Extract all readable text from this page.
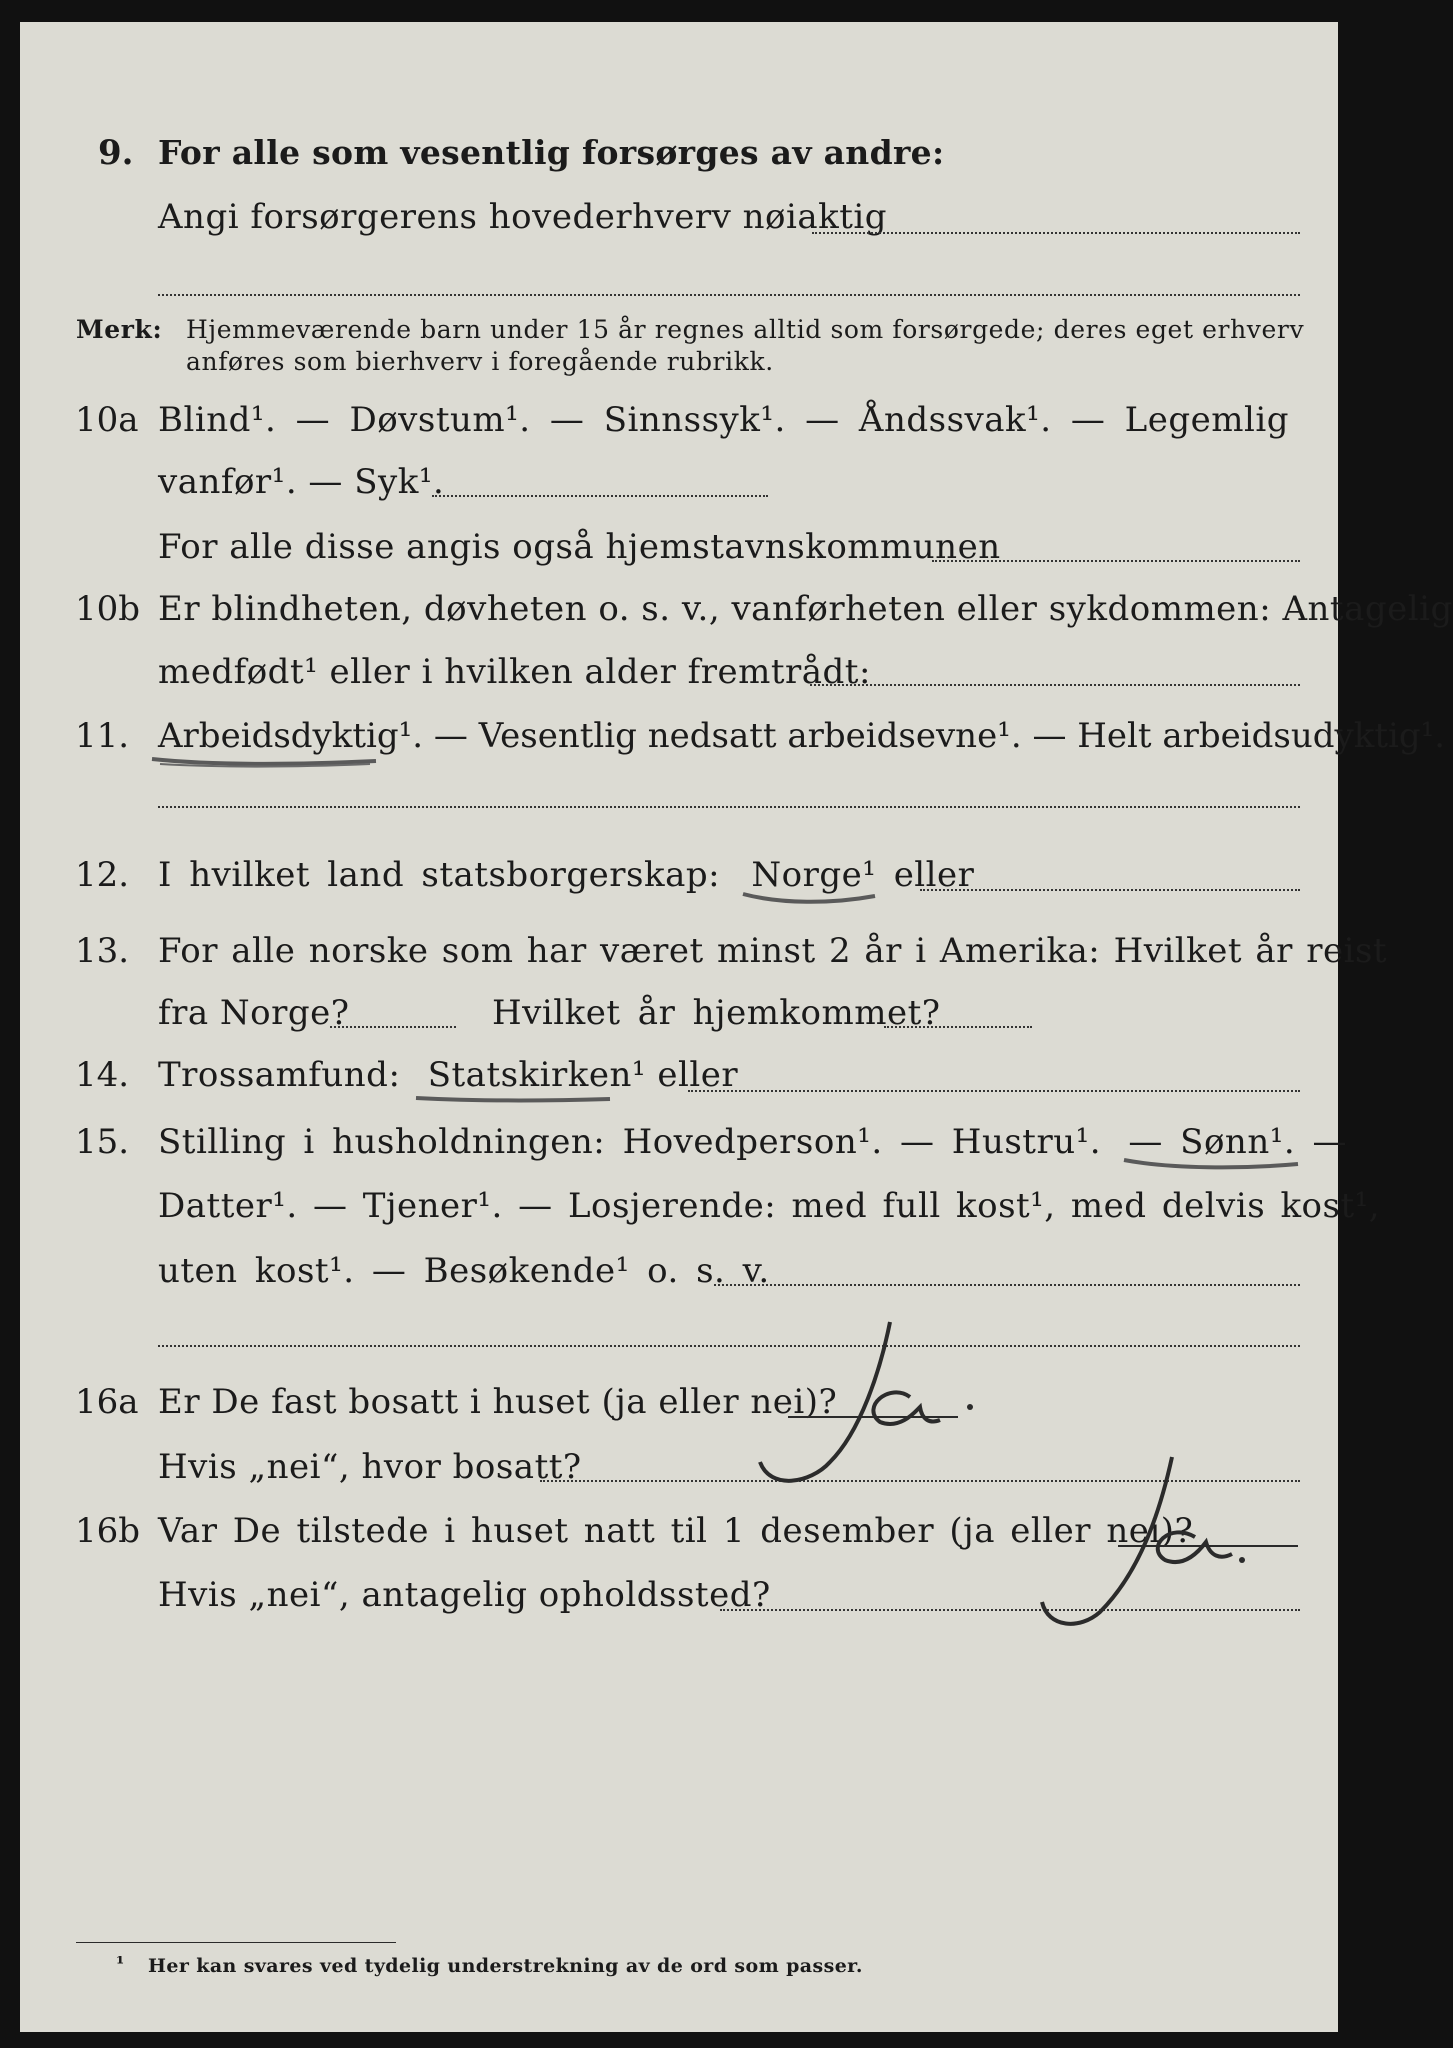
9. For alle som vesentlig forsørges av andre:
Angi forsørgerens hovederhverv nøiaktig
Merk: Hjemmeværende barn under 15 år regnes alltid som forsørgede; deres eget erhverv
anføres som bierhverv i foregående rubrikk.
10a Blind¹. — Døvstum¹. — Sinnssyk¹. — Åndssvak¹. — Legemlig
vanfør¹. — Syk¹.
For alle disse angis også hjemstavnskommunen
10b Er blindheten, døvheten o. s. v., vanførheten eller sykdommen: Antagelig
medfødt¹ eller i hvilken alder fremtrådt:
11. Arbeidsdyktig
¹. — Vesentlig nedsatt arbeidsevne¹. — Helt arbeidsudyktig¹.
12. I hvilket land statsborgerskap: Norge¹ eller
13. For alle norske som har været minst 2 år i Amerika: Hvilket år reist
fra Norge?	Hvilket år hjemkommet?
14. Trossamfund: Statskirken¹ eller
15. Stilling i husholdningen: Hovedperson¹. — Hustru¹. — Sønn¹. —
Datter¹. — Tjener¹. — Losjerende: med full kost¹, med delvis kost¹,
uten kost¹. — Besøkende¹ o. s. v.
16a Er De fast bosatt i huset (ja eller nei)?
Hvis „nei“, hvor bosatt?
16b Var De tilstede i huset natt til 1 desember (ja eller nei)?
Hvis „nei“, antagelig opholdssted?
¹ Her kan svares ved tydelig understrekning av de ord som passer.
